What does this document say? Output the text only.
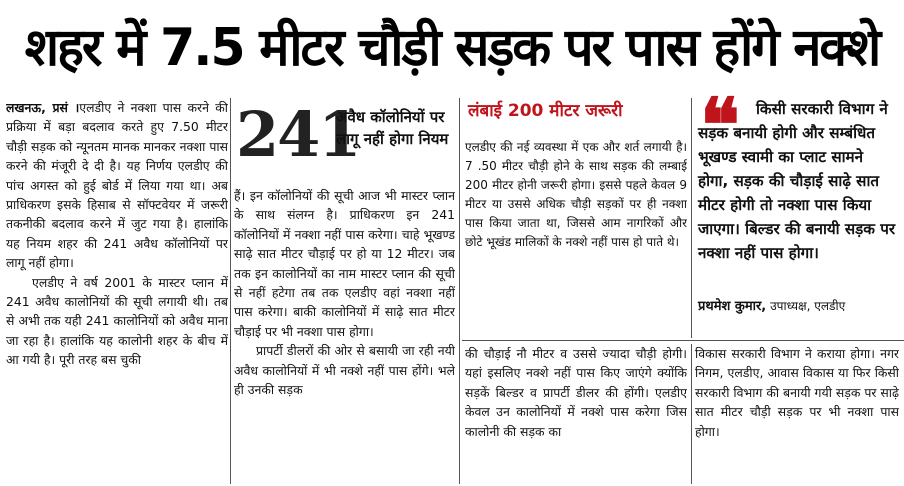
शहर में 7.5 मीटर चौड़ी सड़क पर पास होंगे नक्शे

लखनऊ, प्रसं ।एलडीए ने नक्शा पास करने की प्रक्रिया में बड़ा बदलाव करते हुए 7.50 मीटर चौड़ी सड़क को न्यूनतम मानक मानकर नक्शा पास करने की मंजूरी दे दी है। यह निर्णय एलडीए की पांच अगस्त को हुई बोर्ड में लिया गया था। अब प्राधिकरण इसके हिसाब से सॉफ्टवेयर में जरूरी तकनीकी बदलाव करने में जुट गया है। हालांकि यह नियम शहर की 241 अवैध कॉलोनियों पर लागू नहीं होगा।

एलडीए ने वर्ष 2001 के मास्टर प्लान में 241 अवैध कालोनियों की सूची लगायी थी। तब से अभी तक यही 241 कालोनियों को अवैध माना जा रहा है। हालांकि यह कालोनी शहर के बीच में आ गयी है। पूरी तरह बस चुकी

241
अवैध कॉलोनियों पर लागू नहीं होगा नियम

हैं। इन कॉलोनियों की सूची आज भी मास्टर प्लान के साथ संलग्न है। प्राधिकरण इन 241 कॉलोनियों में नक्शा नहीं पास करेगा। चाहे भूखण्ड साढ़े सात मीटर चौड़ाई पर हो या 12 मीटर। जब तक इन कालोनियों का नाम मास्टर प्लान की सूची से नहीं हटेगा तब तक एलडीए वहां नक्शा नहीं पास करेगा। बाकी कालोनियों में साढ़े सात मीटर चौड़ाई पर भी नक्शा पास होगा।

प्रापर्टी डीलरों की ओर से बसायी जा रही नयी अवैध कालोनियों में भी नक्शे नहीं पास होंगे। भले ही उनकी सड़क

लंबाई 200 मीटर जरूरी
एलडीए की नई व्यवस्था में एक और शर्त लगायी है। 7 .50 मीटर चौड़ी होने के साथ सड़क की लम्बाई 200 मीटर होनी जरूरी होगा। इससे पहले केवल 9 मीटर या उससे अधिक चौड़ी सड़कों पर ही नक्शा पास किया जाता था, जिससे आम नागरिकों और छोटे भूखंड मालिकों के नक्शे नहीं पास हो पाते थे।
❝	किसी सरकारी विभाग ने सड़क बनायी होगी और सम्बंधित भूखण्ड स्वामी का प्लाट सामने होगा, सड़क की चौड़ाई साढ़े सात मीटर होगी तो नक्शा पास किया जाएगा। बिल्डर की बनायी सड़क पर नक्शा नहीं पास होगा।
प्रथमेश कुमार, उपाध्यक्ष, एलडीए
की चौड़ाई नौ मीटर व उससे ज्यादा चौड़ी होगी। यहां इसलिए नक्शे नहीं पास किए जाएंगे क्योंकि सड़कें बिल्डर व प्रापर्टी डीलर की होंगी। एलडीए केवल उन कालोनियों में नक्शे पास करेगा जिस कालोनी की सड़क का
विकास सरकारी विभाग ने कराया होगा। नगर निगम, एलडीए, आवास विकास या फिर किसी सरकारी विभाग की बनायी गयी सड़क पर साढ़े सात मीटर चौड़ी सड़क पर भी नक्शा पास होगा।
